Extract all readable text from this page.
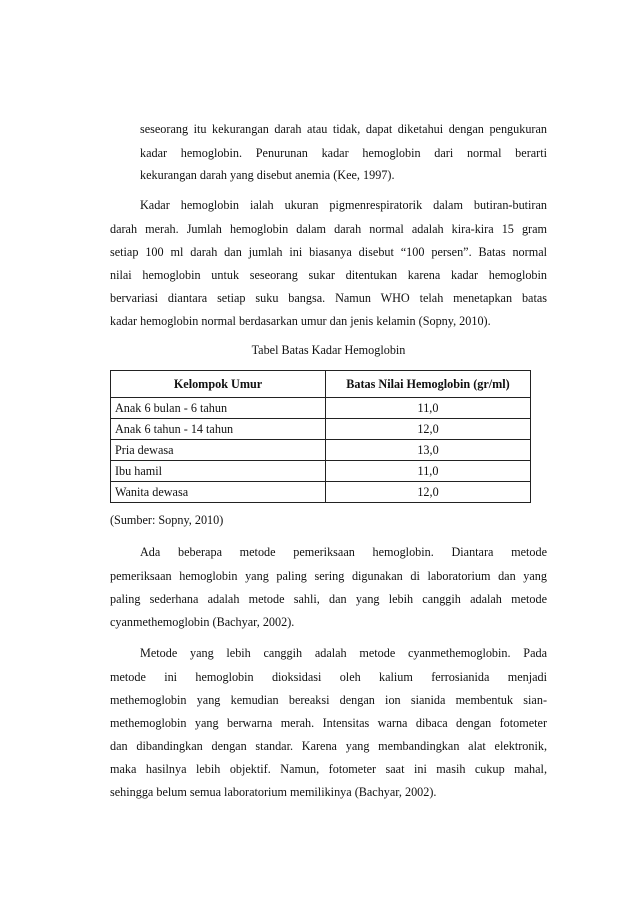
seseorang itu kekurangan darah atau tidak, dapat diketahui dengan pengukuran
kadar hemoglobin. Penurunan kadar hemoglobin dari normal berarti
kekurangan darah yang disebut anemia (Kee, 1997).
Kadar hemoglobin ialah ukuran pigmenrespiratorik dalam butiran-butiran
darah merah. Jumlah hemoglobin dalam darah normal adalah kira-kira 15 gram
setiap 100 ml darah dan jumlah ini biasanya disebut “100 persen”. Batas normal
nilai hemoglobin untuk seseorang sukar ditentukan karena kadar hemoglobin
bervariasi diantara setiap suku bangsa. Namun WHO telah menetapkan batas
kadar hemoglobin normal berdasarkan umur dan jenis kelamin (Sopny, 2010).
Tabel Batas Kadar Hemoglobin
Kelompok Umur	Batas Nilai Hemoglobin (gr/ml)
Anak 6 bulan - 6 tahun	11,0
Anak 6 tahun - 14 tahun	12,0
Pria dewasa	13,0
Ibu hamil	11,0
Wanita dewasa	12,0
(Sumber: Sopny, 2010)
Ada beberapa metode pemeriksaan hemoglobin. Diantara metode
pemeriksaan hemoglobin yang paling sering digunakan di laboratorium dan yang
paling sederhana adalah metode sahli, dan yang lebih canggih adalah metode
cyanmethemoglobin (Bachyar, 2002).
Metode yang lebih canggih adalah metode cyanmethemoglobin. Pada
metode ini hemoglobin dioksidasi oleh kalium ferrosianida menjadi
methemoglobin yang kemudian bereaksi dengan ion sianida membentuk sian-
methemoglobin yang berwarna merah. Intensitas warna dibaca dengan fotometer
dan dibandingkan dengan standar. Karena yang membandingkan alat elektronik,
maka hasilnya lebih objektif. Namun, fotometer saat ini masih cukup mahal,
sehingga belum semua laboratorium memilikinya (Bachyar, 2002).
